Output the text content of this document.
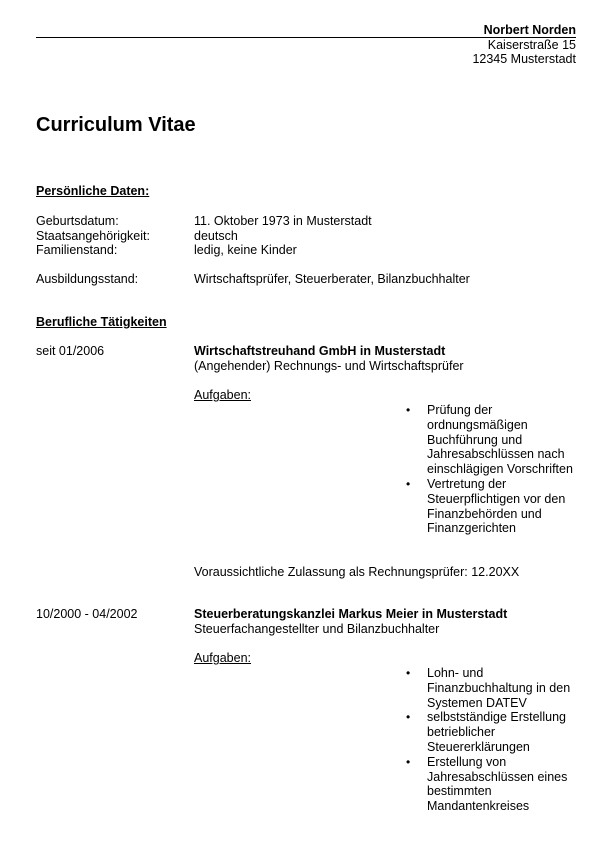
Norbert Norden
Kaiserstraße 15
12345 Musterstadt
Curriculum Vitae
Persönliche Daten:
Geburtsdatum:	11. Oktober 1973 in Musterstadt
Staatsangehörigkeit:	deutsch
Familienstand:	ledig, keine Kinder
Ausbildungsstand:	Wirtschaftsprüfer, Steuerberater, Bilanzbuchhalter
Berufliche Tätigkeiten
seit 01/2006	Wirtschaftstreuhand GmbH in Musterstadt
(Angehender) Rechnungs- und Wirtschaftsprüfer
Aufgaben:
• Prüfung der ordnungsmäßigen Buchführung und Jahresabschlüssen nach einschlägigen Vorschriften
• Vertretung der Steuerpflichtigen vor den Finanzbehörden und Finanzgerichten
Voraussichtliche Zulassung als Rechnungsprüfer: 12.20XX
10/2000 - 04/2002	Steuerberatungskanzlei Markus Meier in Musterstadt
Steuerfachangestellter und Bilanzbuchhalter
Aufgaben:
• Lohn- und Finanzbuchhaltung in den Systemen DATEV
• selbstständige Erstellung betrieblicher Steuererklärungen
• Erstellung von Jahresabschlüssen eines bestimmten Mandantenkreises
